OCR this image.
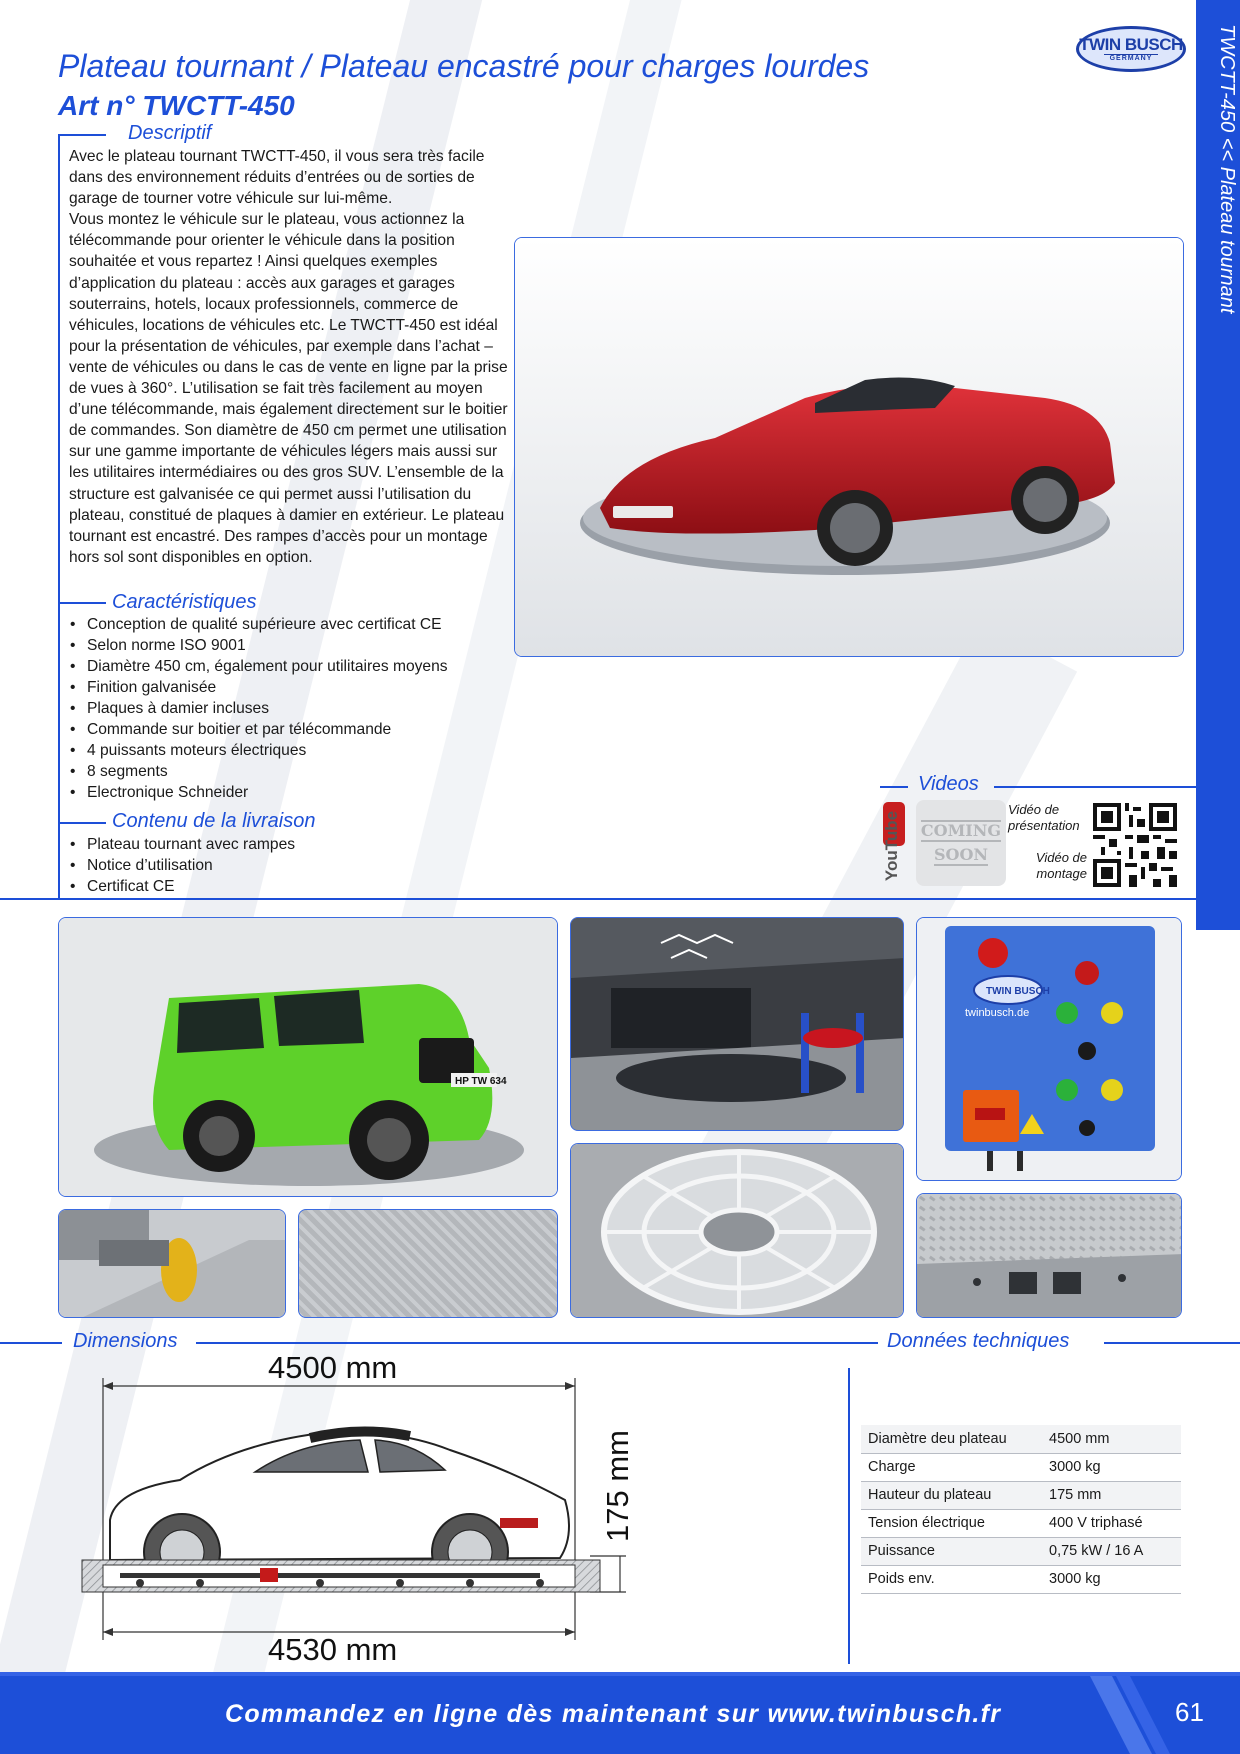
Plateau tournant / Plateau encastré pour charges lourdes
Art n° TWCTT-450
TWIN BUSCH
GERMANY	TWCTT-450 << Plateau tournant
Descriptif
Avec le plateau tournant TWCTT-450, il vous sera très facile dans des environnement réduits d’entrées ou de sorties de garage de tourner votre véhicule sur lui-même.
Vous montez le véhicule sur le plateau, vous actionnez la télécommande pour orienter le véhicule dans la position souhaitée et vous repartez ! Ainsi quelques exemples d’application du plateau : accès aux garages et garages souterrains, hotels, locaux professionnels, commerce de véhicules, locations de véhicules etc. Le TWCTT-450 est idéal pour la présentation de véhicules, par exemple dans l’achat – vente de véhicules ou dans le cas de vente en ligne par la prise de vues à 360°. L’utilisation se fait très facilement au moyen d’une télécommande, mais également directement sur le boitier de commandes. Son diamètre de 450 cm permet une utilisation sur une gamme importante de véhicules légers mais aussi sur les utilitaires intermédiaires ou des gros SUV. L’ensemble de la structure est galvanisée ce qui permet aussi l’utilisation du plateau, constitué de plaques à damier en extérieur. Le plateau tournant est encastré. Des rampes d’accès pour un montage hors sol sont disponibles en option.
Caractéristiques
• Conception de qualité supérieure avec certificat CE
• Selon norme ISO 9001
• Diamètre 450 cm, également pour utilitaires moyens
• Finition galvanisée
• Plaques à damier incluses
• Commande sur boitier et par télécommande
• 4 puissants moteurs électriques
• 8 segments
• Electronique Schneider
Contenu de la livraison
• Plateau tournant avec rampes
• Notice d’utilisation
• Certificat CE
Videos
YouTube	COMING
SOON
Vidéo de présentation
Vidéo de montage
HP TW 634
TWIN BUSCH
twinbusch.de
Dimensions	Données techniques
4500 mm
4530 mm
175 mm	Diamètre deu plateau	4500 mm
Charge	3000 kg
Hauteur du plateau	175 mm
Tension électrique	400 V triphasé
Puissance	0,75 kW / 16 A
Poids env.	3000 kg
Commandez en ligne dès maintenant sur www.twinbusch.fr	61
